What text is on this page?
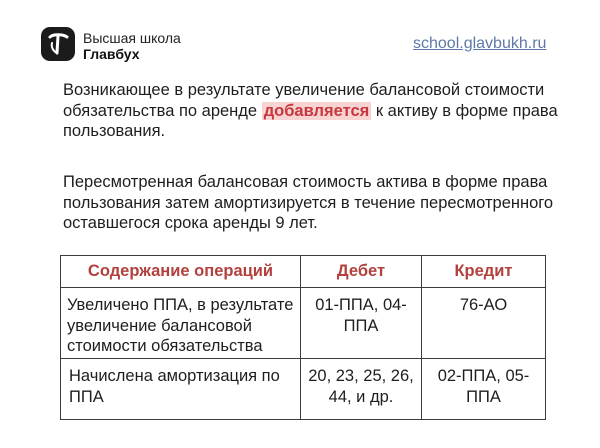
Высшая школа
Главбух
school.glavbukh.ru

Возникающее в результате увеличение балансовой стоимости обязательства по аренде добавляется к активу в форме права пользования.

Пересмотренная балансовая стоимость актива в форме права пользования затем амортизируется в течение пересмотренного оставшегося срока аренды 9 лет.

Содержание операций	Дебет	Кредит
Увеличено ППА, в результате увеличение балансовой стоимости обязательства	01-ППА, 04-ППА	76-АО
Начислена амортизация по ППА	20, 23, 25, 26, 44, и др.	02-ППА, 05-ППА
